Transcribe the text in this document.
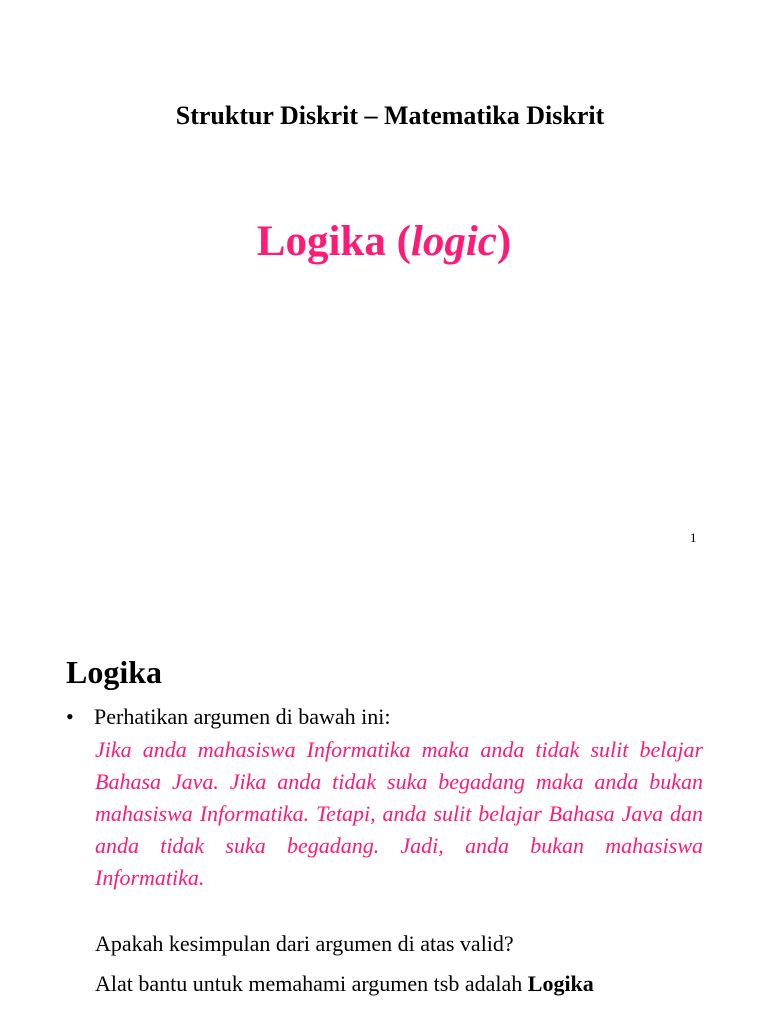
Struktur Diskrit – Matematika Diskrit
Logika (logic)
1
Logika
• Perhatikan argumen di bawah ini:

Jika anda mahasiswa Informatika maka anda tidak sulit belajar Bahasa Java. Jika anda tidak suka begadang maka anda bukan mahasiswa Informatika. Tetapi, anda sulit belajar Bahasa Java dan anda tidak suka begadang. Jadi, anda bukan mahasiswa Informatika.

Apakah kesimpulan dari argumen di atas valid?
Alat bantu untuk memahami argumen tsb adalah Logika
